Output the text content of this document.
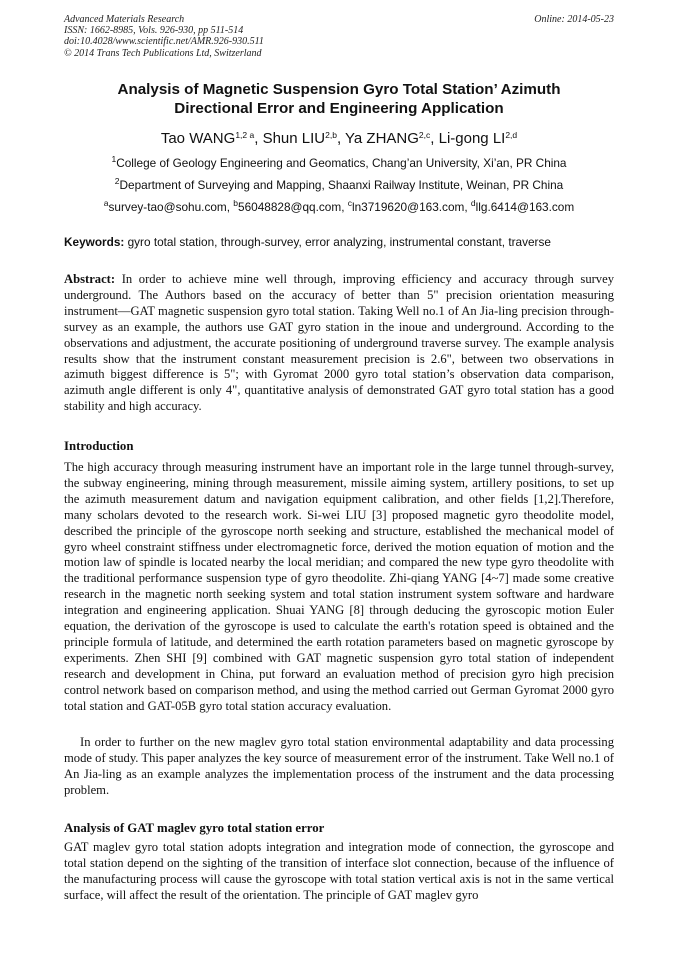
Advanced Materials Research
ISSN: 1662-8985, Vols. 926-930, pp 511-514
doi:10.4028/www.scientific.net/AMR.926-930.511
© 2014 Trans Tech Publications Ltd, Switzerland
Online: 2014-05-23
Analysis of Magnetic Suspension Gyro Total Station’ Azimuth
Directional Error and Engineering Application
Tao $WANG^{1,2 a}$, Shun LIU$^{2,b}$, Ya ZHANG$^{2,c}$, Li-gong LI$^{2,d}$
$^1$College of Geology Engineering and Geomatics, Chang’an University, Xi’an, PR China
$^2$Department of Surveying and Mapping, Shaanxi Railway Institute, Weinan, PR China
$^a$survey-tao@sohu.com, $^b$56048828@qq.com, $^c$ln3719620@163.com, $^d$llg.6414@163.com
Keywords: gyro total station, through-survey, error analyzing, instrumental constant, traverse
Abstract: In order to achieve mine well through, improving efficiency and accuracy through survey underground. The Authors based on the accuracy of better than 5" precision orientation measuring instrument—GAT magnetic suspension gyro total station. Taking Well no.1 of An Jia-ling precision through-survey as an example, the authors use GAT gyro station in the inoue and underground. According to the observations and adjustment, the accurate positioning of underground traverse survey. The example analysis results show that the instrument constant measurement precision is 2.6", between two observations in azimuth biggest difference is 5"; with Gyromat 2000 gyro total station’s observation data comparison, azimuth angle different is only 4", quantitative analysis of demonstrated GAT gyro total station has a good stability and high accuracy.
Introduction
The high accuracy through measuring instrument have an important role in the large tunnel through-survey, the subway engineering, mining through measurement, missile aiming system, artillery positions, to set up the azimuth measurement datum and navigation equipment calibration, and other fields [1,2].Therefore, many scholars devoted to the research work. Si-wei LIU [3] proposed magnetic gyro theodolite model, described the principle of the gyroscope north seeking and structure, established the mechanical model of gyro wheel constraint stiffness under electromagnetic force, derived the motion equation of motion and the motion law of spindle is located nearby the local meridian; and compared the new type gyro theodolite with the traditional performance suspension type of gyro theodolite. Zhi-qiang YANG [4~7] made some creative research in the magnetic north seeking system and total station instrument system software and hardware integration and engineering application. Shuai YANG [8] through deducing the gyroscopic motion Euler equation, the derivation of the gyroscope is used to calculate the earth's rotation speed is obtained and the principle formula of latitude, and determined the earth rotation parameters based on magnetic gyroscope by experiments. Zhen SHI [9] combined with GAT magnetic suspension gyro total station of independent research and development in China, put forward an evaluation method of precision gyro high precision control network based on comparison method, and using the method carried out German Gyromat 2000 gyro total station and GAT-05B gyro total station accuracy evaluation.
In order to further on the new maglev gyro total station environmental adaptability and data processing mode of study. This paper analyzes the key source of measurement error of the instrument. Take Well no.1 of An Jia-ling as an example analyzes the implementation process of the instrument and the data processing problem.
Analysis of GAT maglev gyro total station error
GAT maglev gyro total station adopts integration and integration mode of connection, the gyroscope and total station depend on the sighting of the transition of interface slot connection, because of the influence of the manufacturing process will cause the gyroscope with total station vertical axis is not in the same vertical surface, will affect the result of the orientation. The principle of GAT maglev gyro
